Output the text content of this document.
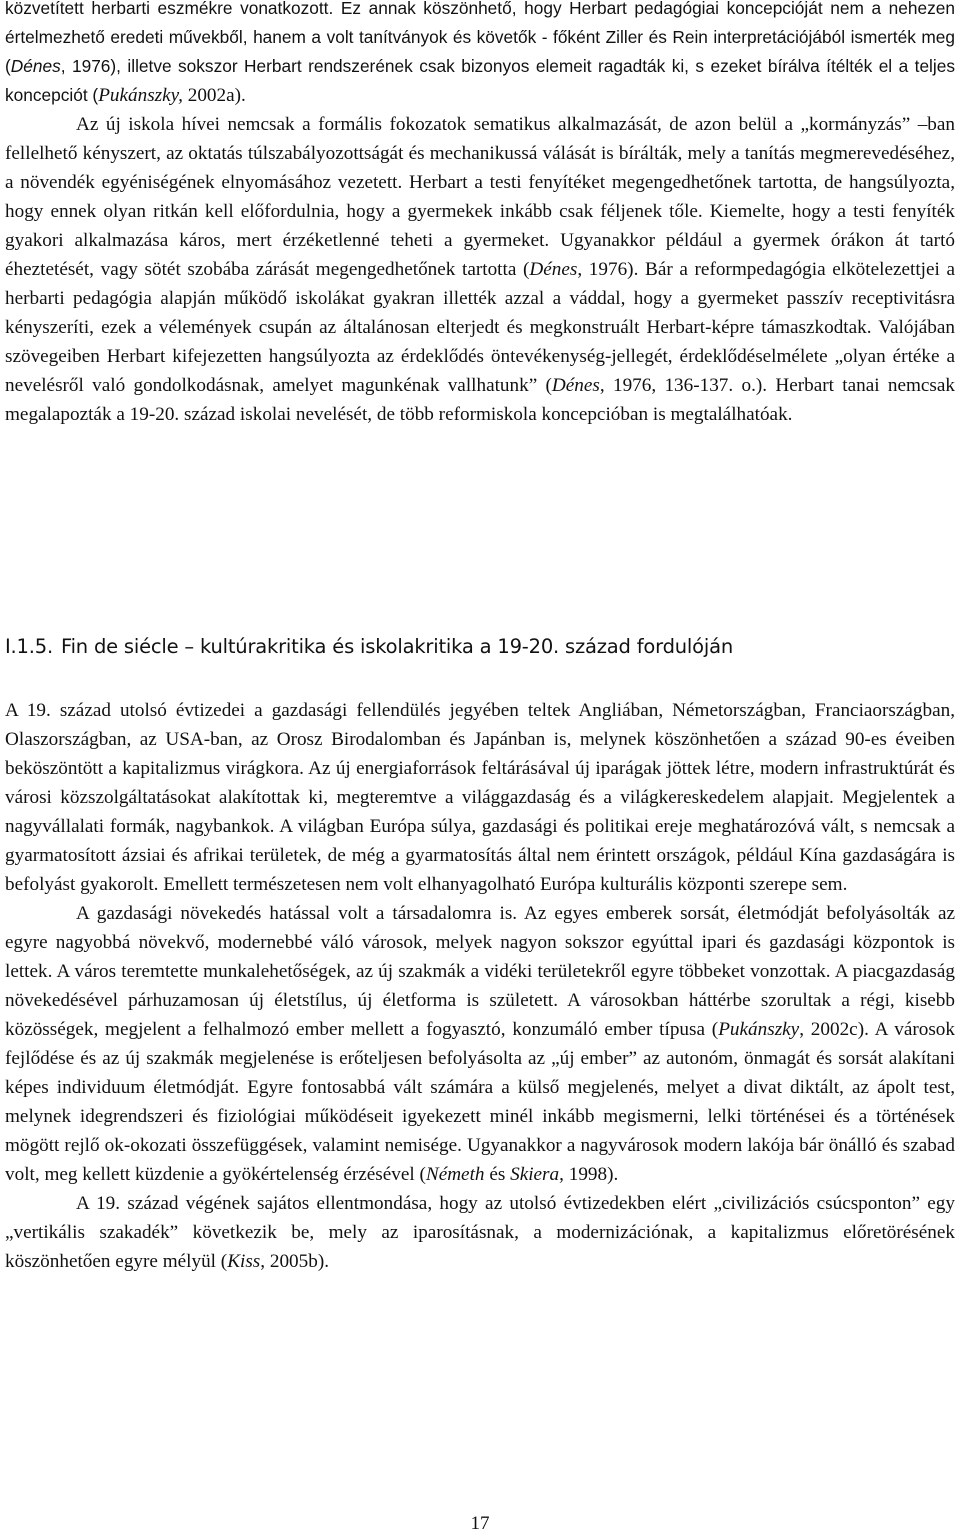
közvetített herbarti eszmékre vonatkozott. Ez annak köszönhető, hogy Herbart pedagógiai koncepcióját nem a nehezen értelmezhető eredeti művekből, hanem a volt tanítványok és követők - főként Ziller és Rein interpretációjából ismerték meg (Dénes, 1976), illetve sokszor Herbart rendszerének csak bizonyos elemeit ragadták ki, s ezeket bírálva ítélték el a teljes koncepciót (Pukánszky, 2002a).

Az új iskola hívei nemcsak a formális fokozatok sematikus alkalmazását, de azon belül a „kormányzás” –ban fellelhető kényszert, az oktatás túlszabályozottságát és mechanikussá válását is bírálták, mely a tanítás megmerevedéséhez, a növendék egyéniségének elnyomásához vezetett. Herbart a testi fenyítéket megengedhetőnek tartotta, de hangsúlyozta, hogy ennek olyan ritkán kell előfordulnia, hogy a gyermekek inkább csak féljenek tőle. Kiemelte, hogy a testi fenyíték gyakori alkalmazása káros, mert érzéketlenné teheti a gyermeket. Ugyanakkor például a gyermek órákon át tartó éheztetését, vagy sötét szobába zárását megengedhetőnek tartotta (Dénes, 1976). Bár a reformpedagógia elkötelezettjei a herbarti pedagógia alapján működő iskolákat gyakran illették azzal a váddal, hogy a gyermeket passzív receptivitásra kényszeríti, ezek a vélemények csupán az általánosan elterjedt és megkonstruált Herbart-képre támaszkodtak. Valójában szövegeiben Herbart kifejezetten hangsúlyozta az érdeklődés öntevékenység-jellegét, érdeklődéselmélete „olyan értéke a nevelésről való gondolkodásnak, amelyet magunkénak vallhatunk” (Dénes, 1976, 136-137. o.). Herbart tanai nemcsak megalapozták a 19-20. század iskolai nevelését, de több reformiskola koncepcióban is megtalálhatóak.

I.1.5. Fin de siécle – kultúrakritika és iskolakritika a 19-20. század fordulóján

A 19. század utolsó évtizedei a gazdasági fellendülés jegyében teltek Angliában, Németországban, Franciaországban, Olaszországban, az USA-ban, az Orosz Birodalomban és Japánban is, melynek köszönhetően a század 90-es éveiben beköszöntött a kapitalizmus virágkora. Az új energiaforrások feltárásával új iparágak jöttek létre, modern infrastruktúrát és városi közszolgáltatásokat alakítottak ki, megteremtve a világgazdaság és a világkereskedelem alapjait. Megjelentek a nagyvállalati formák, nagybankok. A világban Európa súlya, gazdasági és politikai ereje meghatározóvá vált, s nemcsak a gyarmatosított ázsiai és afrikai területek, de még a gyarmatosítás által nem érintett országok, például Kína gazdaságára is befolyást gyakorolt. Emellett természetesen nem volt elhanyagolható Európa kulturális központi szerepe sem.

A gazdasági növekedés hatással volt a társadalomra is. Az egyes emberek sorsát, életmódját befolyásolták az egyre nagyobbá növekvő, modernebbé váló városok, melyek nagyon sokszor egyúttal ipari és gazdasági központok is lettek. A város teremtette munkalehetőségek, az új szakmák a vidéki területekről egyre többeket vonzottak. A piacgazdaság növekedésével párhuzamosan új életstílus, új életforma is született. A városokban háttérbe szorultak a régi, kisebb közösségek, megjelent a felhalmozó ember mellett a fogyasztó, konzumáló ember típusa (Pukánszky, 2002c). A városok fejlődése és az új szakmák megjelenése is erőteljesen befolyásolta az „új ember” az autonóm, önmagát és sorsát alakítani képes individuum életmódját. Egyre fontosabbá vált számára a külső megjelenés, melyet a divat diktált, az ápolt test, melynek idegrendszeri és fiziológiai működéseit igyekezett minél inkább megismerni, lelki történései és a történések mögött rejlő ok-okozati összefüggések, valamint nemisége. Ugyanakkor a nagyvárosok modern lakója bár önálló és szabad volt, meg kellett küzdenie a gyökértelenség érzésével (Németh és Skiera, 1998).

A 19. század végének sajátos ellentmondása, hogy az utolsó évtizedekben elért „civilizációs csúcsponton” egy „vertikális szakadék” következik be, mely az iparosításnak, a modernizációnak, a kapitalizmus előretörésének köszönhetően egyre mélyül (Kiss, 2005b).

17
